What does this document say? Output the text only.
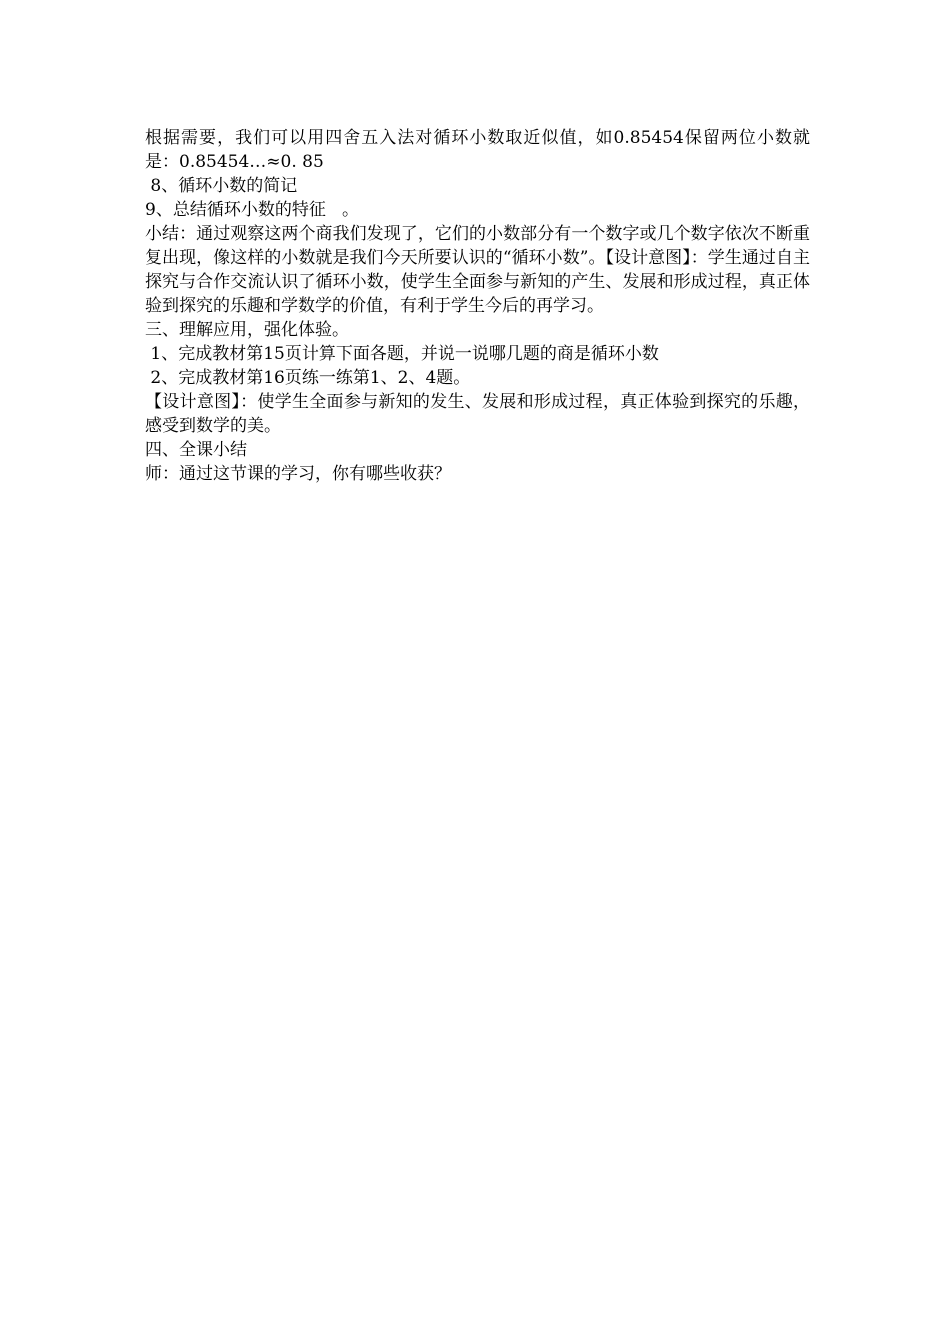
根据需要，我们可以用四舍五入法对循环小数取近似值，如0.85454保留两位小数就是：0.85454…≈0. 85
8、循环小数的简记
9、总结循环小数的特征   。
小结：通过观察这两个商我们发现了，它们的小数部分有一个数字或几个数字依次不断重复出现，像这样的小数就是我们今天所要认识的“循环小数”。【设计意图】：学生通过自主探究与合作交流认识了循环小数，使学生全面参与新知的产生、发展和形成过程，真正体验到探究的乐趣和学数学的价值，有利于学生今后的再学习。
三、理解应用，强化体验。
1、完成教材第15页计算下面各题，并说一说哪几题的商是循环小数
2、完成教材第16页练一练第1、2、4题。
【设计意图】：使学生全面参与新知的发生、发展和形成过程，真正体验到探究的乐趣，感受到数学的美。
四、全课小结
师：通过这节课的学习，你有哪些收获？
